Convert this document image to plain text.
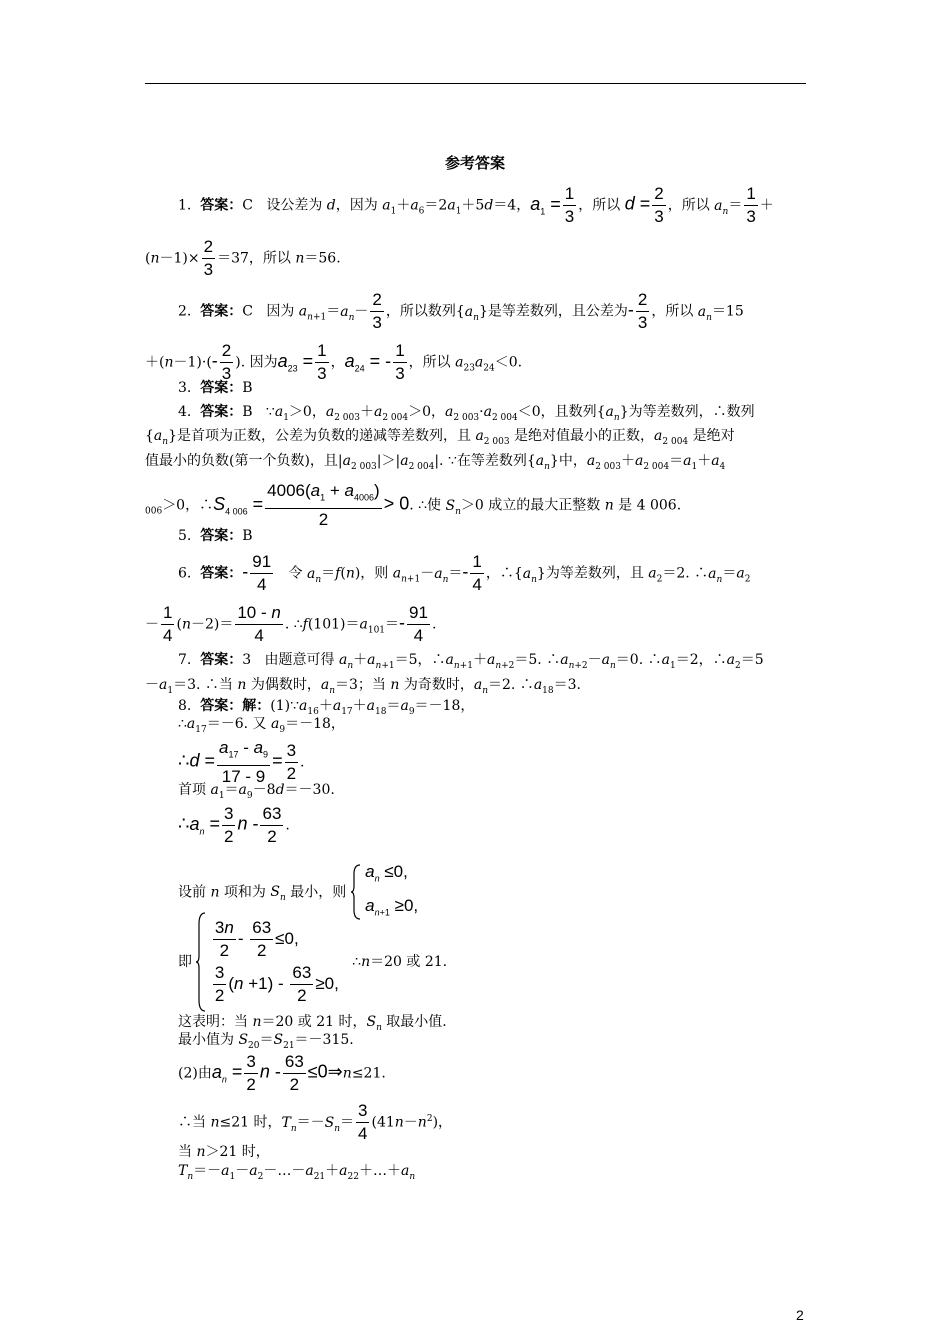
参考答案
1. 答案：C   设公差为 d，因为 $a_1+a_6=2a_1+5d=4$，$a_1 = \frac{1}{3}$ ，所以 $d = \frac{2}{3}$ ，所以 $a_n= \frac{1}{3}$ ＋
$(n-1)\times \frac{2}{3} =37$，所以 n＝56.
2. 答案：C   因为 $a_{n+1}=a_n- \frac{2}{3}$ ，所以数列$\{a_n\}$是等差数列，且公差为- $\frac{2}{3}$ ，所以 $a_n=15$
$+(n-1)\cdot(- \frac{2}{3}$ ). 因为$a_{23} = \frac{1}{3}$ ，$a_{24}$ = - $\frac{1}{3}$ ，所以 $a_{23}a_{24}<0$.
3. 答案：B
4. 答案：B   $\because a_1>0$，$a_{2 003}+a_{2 004}>0$，$a_{2 003}\cdot a_{2 004}<0$，且数列$\{a_n\}$为等差数列，∴数列
$\{a_n\}$是首项为正数，公差为负数的递减等差数列，且 $a_{2 003}$ 是绝对值最小的正数，$a_{2 004}$ 是绝对
值最小的负数(第一个负数)，且$|a_{2 003}|>|a_{2 004}|$. ∵在等差数列$\{a_n\}$中，$a_{2 003}+a_{2 004}=a_1+a_4$
$_{006}$＞0，$\therefore S_{4 006} = \frac{4006(a_1 + a_{4006})}{2} > 0$. ∴使 $S_n>0$ 成立的最大正整数 n 是 4 006.
5. 答案：B
6. 答案：- $\frac{91}{4}$ 令 $a_n=f(n)$，则 $a_{n+1}-a_n=- \frac{1}{4}$ ，$\therefore\{a_n\}$为等差数列，且 $a_2=2$. $\therefore a_n=a_2$
－ $\frac{1}{4} (n-2)= \frac{10 - n}{4}$ . $\therefore f(101)=a_{101}=- \frac{91}{4}$ .
7. 答案：3   由题意可得 $a_n+a_{n+1}=5$，$\therefore a_{n+1}+a_{n+2}=5$. $\therefore a_{n+2}-a_n=0$. $\therefore a_1=2$，$\therefore a_2=5$
$-a_1=3$. ∴当 n 为偶数时，$a_n=3$；当 n 为奇数时，$a_n=2$. $\therefore a_{18}=3$.
8. 答案：解：$(1)\because a_{16}+a_{17}+a_{18}=a_9=-18$，
$\therefore a_{17}=-6$. 又 $a_9=-18$，
∴d = $\frac{a_{17} - a_9}{17 - 9} = \frac{3}{2}$ .
首项 $a_1=a_9-8d=-30$.
$\therefore a_n = \frac{3}{2}$ n - $\frac{63}{2}$ .
设前 n 项和为 $S_n$ 最小，则
$a_n \le 0$,
$a_{n+1} \ge 0$,
即 $\frac{3n}{2} - \frac{63}{2} \le 0$,
$\frac{3}{2} (n +1) - \frac{63}{2} \ge 0$,
∴n＝20 或 21.
这表明：当 n＝20 或 21 时，$S_n$ 取最小值.
最小值为 $S_{20}=S_{21}=-315$.
(2)由$a_n = \frac{3}{2}$ n - $\frac{63}{2}$ ≤0⇒n≤21.
∴当 n≤21 时，$T_n=-S_n= \frac{3}{4} (41n-n^2)$，
当 n＞21 时，
$T_n=-a_1-a_2-\dots-a_{21}+a_{22}+\dots+a_n$
2
